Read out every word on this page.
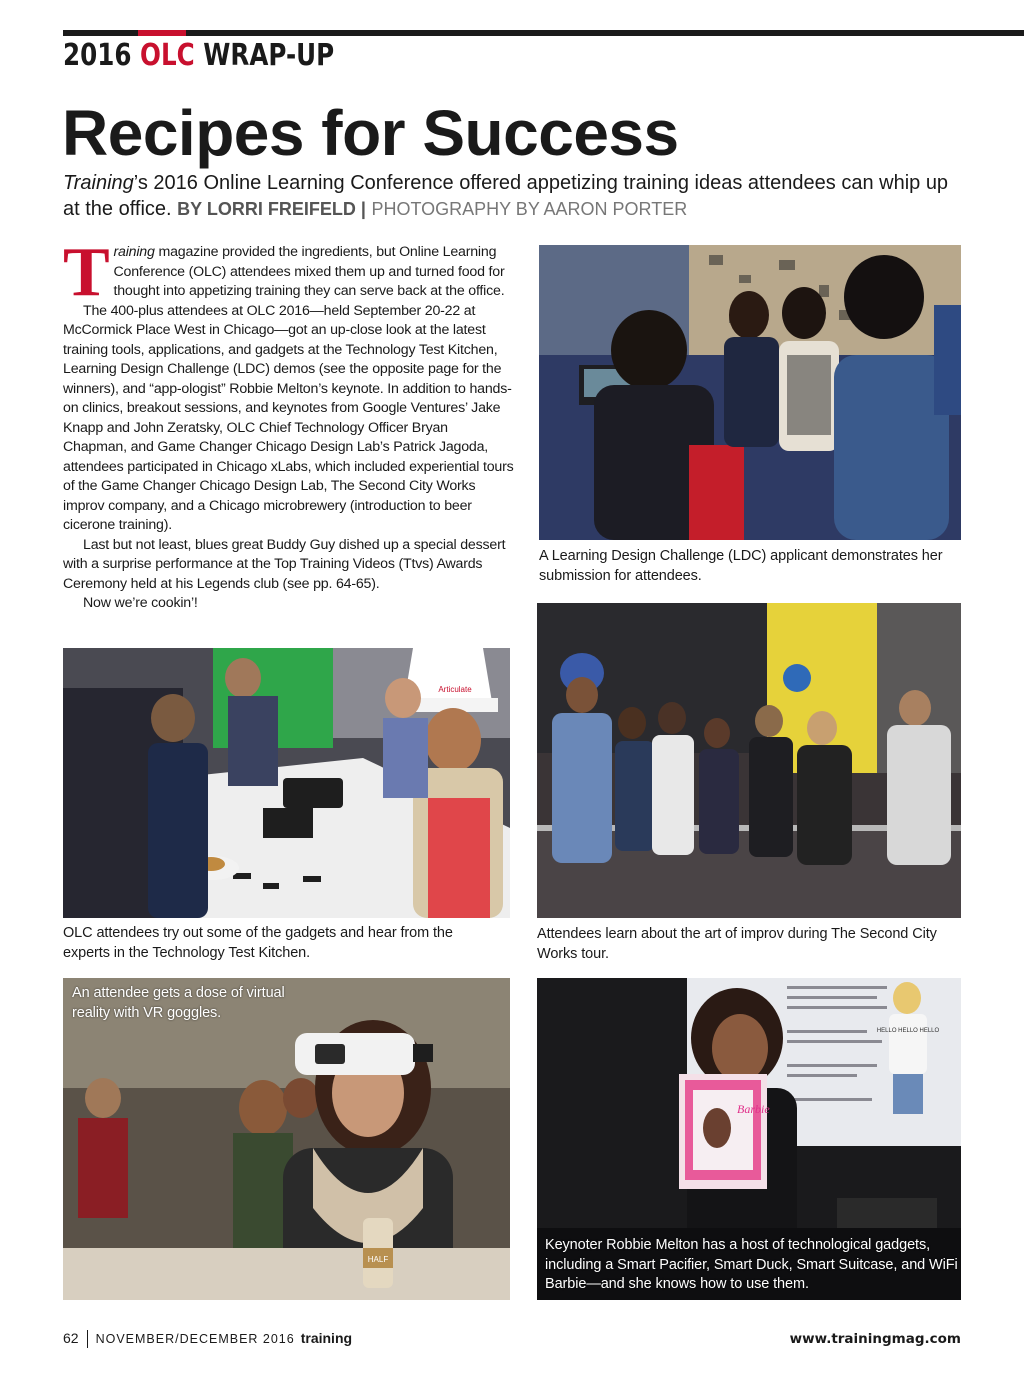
2016 OLC WRAP-UP
Recipes for Success

Training’s 2016 Online Learning Conference offered appetizing training ideas attendees can whip up at the office. BY LORRI FREIFELD | PHOTOGRAPHY BY AARON PORTER

Training magazine provided the ingredients, but Online Learning Conference (OLC) attendees mixed them up and turned food for thought into appetizing training they can serve back at the office.

The 400-plus attendees at OLC 2016—held September 20-22 at McCormick Place West in Chicago—got an up-close look at the latest training tools, applications, and gadgets at the Technology Test Kitchen, Learning Design Challenge (LDC) demos (see the opposite page for the winners), and “app-ologist” Robbie Melton’s keynote. In addition to hands-on clinics, breakout sessions, and keynotes from Google Ventures’ Jake Knapp and John Zeratsky, OLC Chief Technology Officer Bryan Chapman, and Game Changer Chicago Design Lab’s Patrick Jagoda, attendees participated in Chicago xLabs, which included experiential tours of the Game Changer Chicago Design Lab, The Second City Works improv company, and a Chicago microbrewery (introduction to beer cicerone training).

Last but not least, blues great Buddy Guy dished up a special dessert with a surprise performance at the Top Training Videos (Ttvs) Awards Ceremony held at his Legends club (see pp. 64-65).

Now we’re cookin’!

A Learning Design Challenge (LDC) applicant demonstrates her submission for attendees.

Articulate

OLC attendees try out some of the gadgets and hear from the experts in the Technology Test Kitchen.

Attendees learn about the art of improv during The Second City Works tour.

HALF

An attendee gets a dose of virtual reality with VR goggles.

HELLO HELLO HELLO
Barbie

Keynoter Robbie Melton has a host of technological gadgets, including a Smart Pacifier, Smart Duck, Smart Suitcase, and WiFi Barbie—and she knows how to use them.

62 NOVEMBER/DECEMBER 2016 training	www.trainingmag.com
